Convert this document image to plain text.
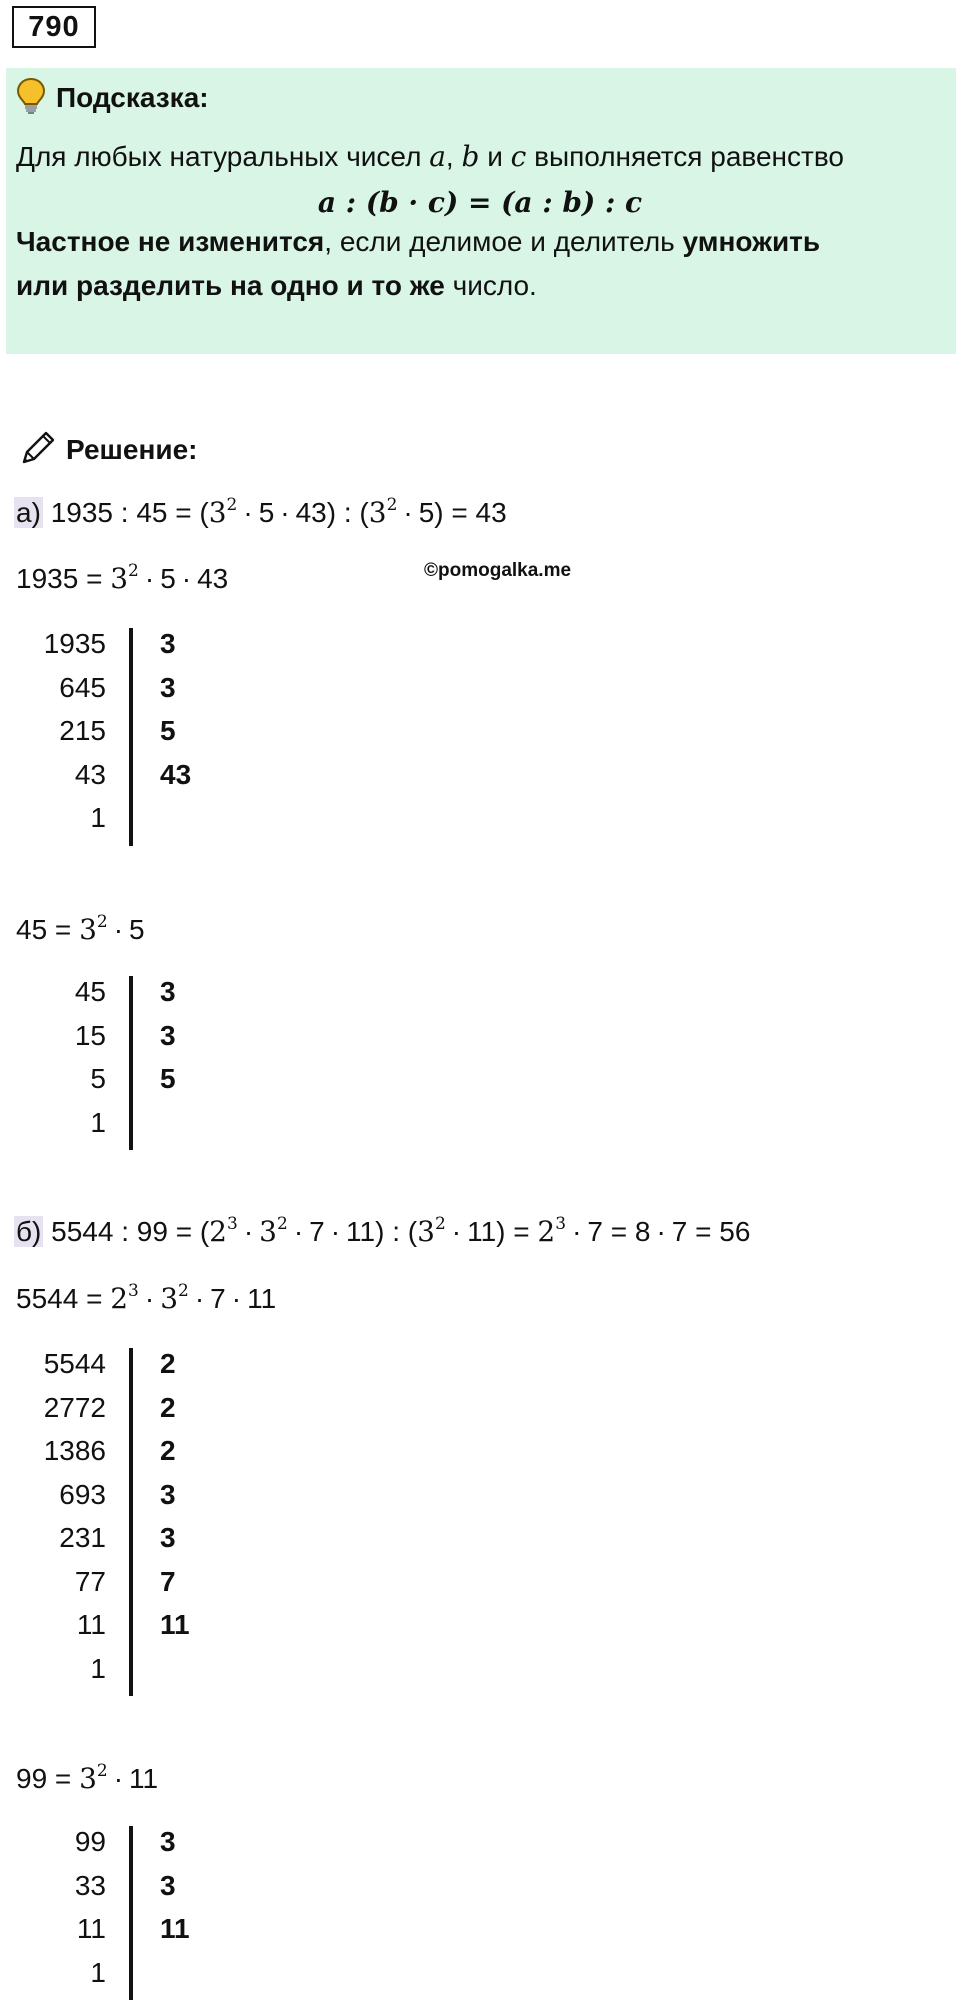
790
Подсказка:
Для любых натуральных чисел a, b и c выполняется равенство
a : (b · c) = (a : b) : c
Частное не изменится, если делимое и делитель умножить
или разделить на одно и то же число.
Решение:
а) 1935 : $45 = (3^2 \cdot 5 \cdot 43)$ : $(3^2 \cdot 5) = 43$
$1935 = 3^2 \cdot 5 \cdot 43$	©pomogalka.me
1935 3
645 3
215 5
43 43
1
$45 = 3^2 \cdot 5$
45 3
15 3
5 5
1
б) 5544 : $99 = (2^3 \cdot 3^2 \cdot 7 \cdot 11)$ : $(3^2 \cdot 11) = 2^3 \cdot 7 = 8 \cdot 7 = 56$
$5544 = 2^3 \cdot 3^2 \cdot 7 \cdot 11$
5544 2
2772 2
1386 2
693 3
231 3
77 7
11 11
1
$99 = 3^2 \cdot 11$
99 3
33 3
11 11
1
